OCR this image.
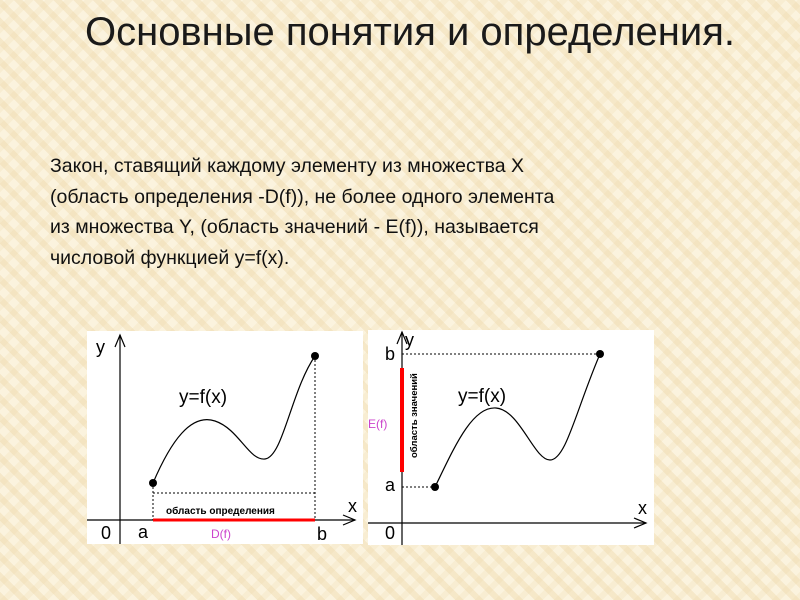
Основные понятия и определения.
Закон, ставящий каждому элементу из множества X
(область определения -D(f)), не более одного элемента
из множества Y, (область значений - E(f)), называется
числовой функцией y=f(x).
y
x
0 a	b
y=f(x)
область определения
D(f)
y
x
0
a
b
y=f(x)
E(f) область значений
